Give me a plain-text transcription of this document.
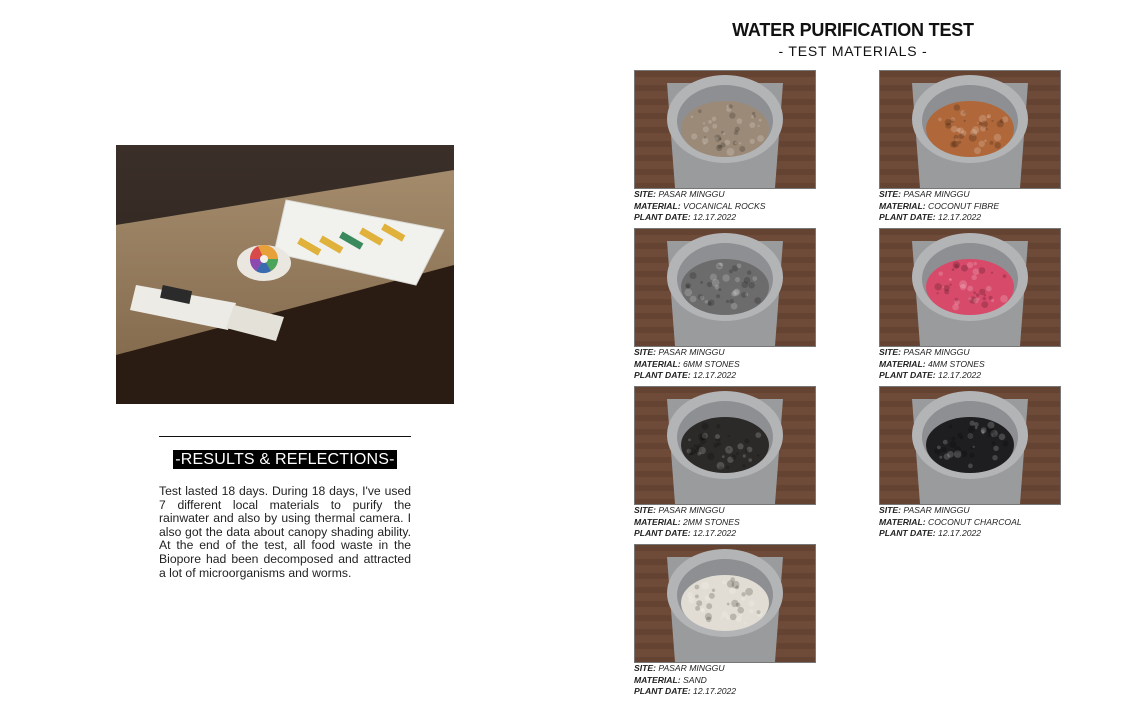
-RESULTS & REFLECTIONS-
Test lasted 18 days. During 18 days, I've used 7 different local materials to purify the rainwater and also by using thermal camera. I also got the data about canopy shading ability. At the end of the test, all food waste in the Biopore had been decomposed and attracted a lot of microorganisms and worms.
WATER PURIFICATION TEST
- TEST MATERIALS -
SITE: PASAR MINGGU
MATERIAL: VOCANICAL ROCKS
PLANT DATE: 12.17.2022
SITE: PASAR MINGGU
MATERIAL: COCONUT FIBRE
PLANT DATE: 12.17.2022
SITE: PASAR MINGGU
MATERIAL: 6MM STONES
PLANT DATE: 12.17.2022
SITE: PASAR MINGGU
MATERIAL: 4MM STONES
PLANT DATE: 12.17.2022
SITE: PASAR MINGGU
MATERIAL: 2MM STONES
PLANT DATE: 12.17.2022
SITE: PASAR MINGGU
MATERIAL: COCONUT CHARCOAL
PLANT DATE: 12.17.2022
SITE: PASAR MINGGU
MATERIAL: SAND
PLANT DATE: 12.17.2022
